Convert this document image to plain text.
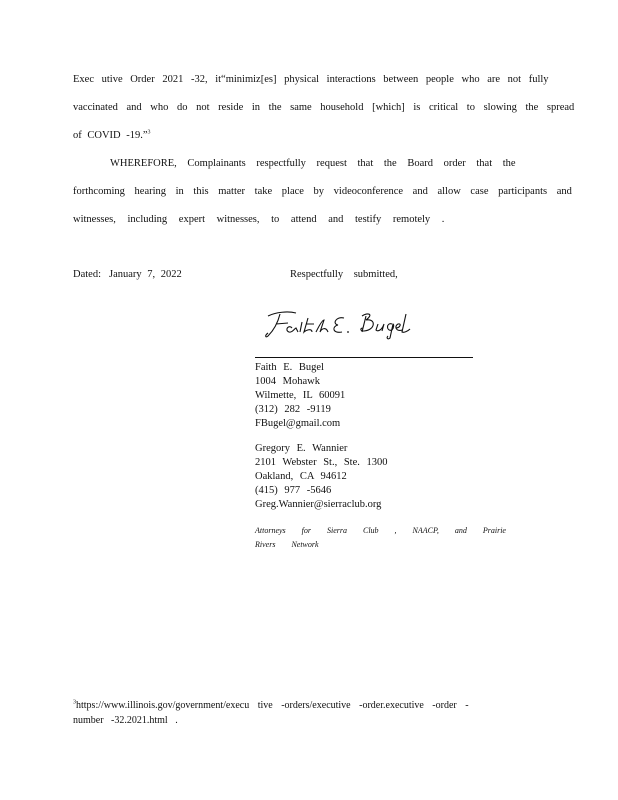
Exec utive Order 2021 -32, it“minimiz[es] physical interactions between people who are not fully
vaccinated and who do not reside in the same household [which] is critical to slowing the spread
of COVID -19.”$^3$
WHEREFORE, Complainants respectfully request that the Board order that the
forthcoming hearing in this matter take place by videoconference and allow case participants and
witnesses, including expert witnesses, to attend and testify remotely .
Dated: January 7, 2022	Respectfully submitted,
Faith E. Bugel
1004 Mohawk
Wilmette, IL 60091
(312) 282 -9119
FBugel@gmail.com
Gregory E. Wannier
2101 Webster St., Ste. 1300
Oakland, CA 94612
(415) 977 -5646
Greg.Wannier@sierraclub.org
Attorneys for Sierra Club , NAACP, and Prairie Rivers Network
$^3$https://www.illinois.gov/government/execu tive -orders/executive -order.executive -order -
number -32.2021.html .
